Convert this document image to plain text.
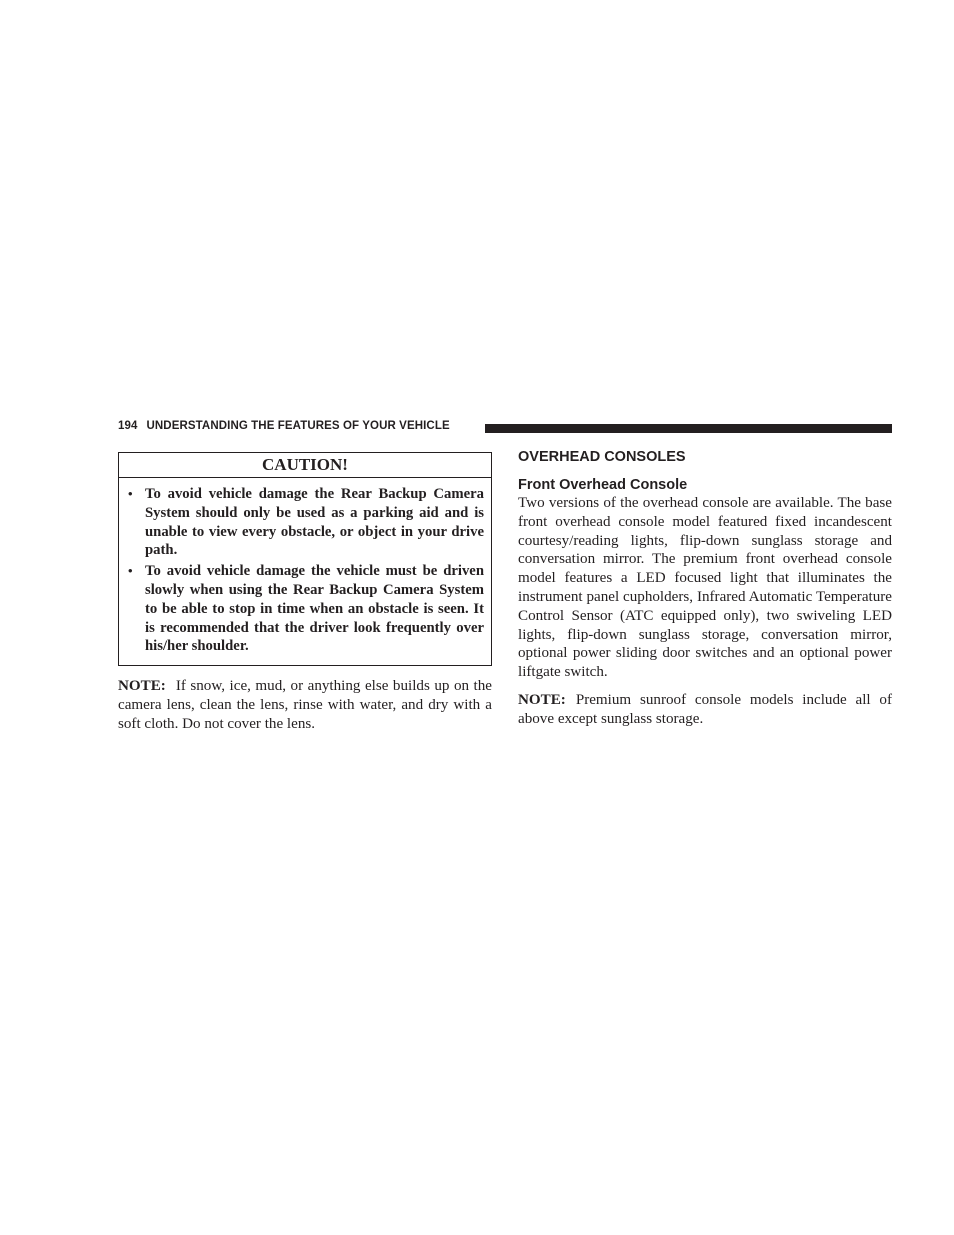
194 UNDERSTANDING THE FEATURES OF YOUR VEHICLE
CAUTION!
• To avoid vehicle damage the Rear Backup Camera System should only be used as a parking aid and is unable to view every obstacle, or object in your drive path.
• To avoid vehicle damage the vehicle must be driven slowly when using the Rear Backup Camera System to be able to stop in time when an obstacle is seen. It is recommended that the driver look frequently over his/her shoulder.

NOTE: If snow, ice, mud, or anything else builds up on the camera lens, clean the lens, rinse with water, and dry with a soft cloth. Do not cover the lens.

OVERHEAD CONSOLES
Front Overhead Console

Two versions of the overhead console are available. The base front overhead console model featured fixed incandescent courtesy/reading lights, flip-down sunglass storage and conversation mirror. The premium front overhead console model features a LED focused light that illuminates the instrument panel cupholders, Infrared Automatic Temperature Control Sensor (ATC equipped only), two swiveling LED lights, flip-down sunglass storage, conversation mirror, optional power sliding door switches and an optional power liftgate switch.

NOTE: Premium sunroof console models include all of above except sunglass storage.
